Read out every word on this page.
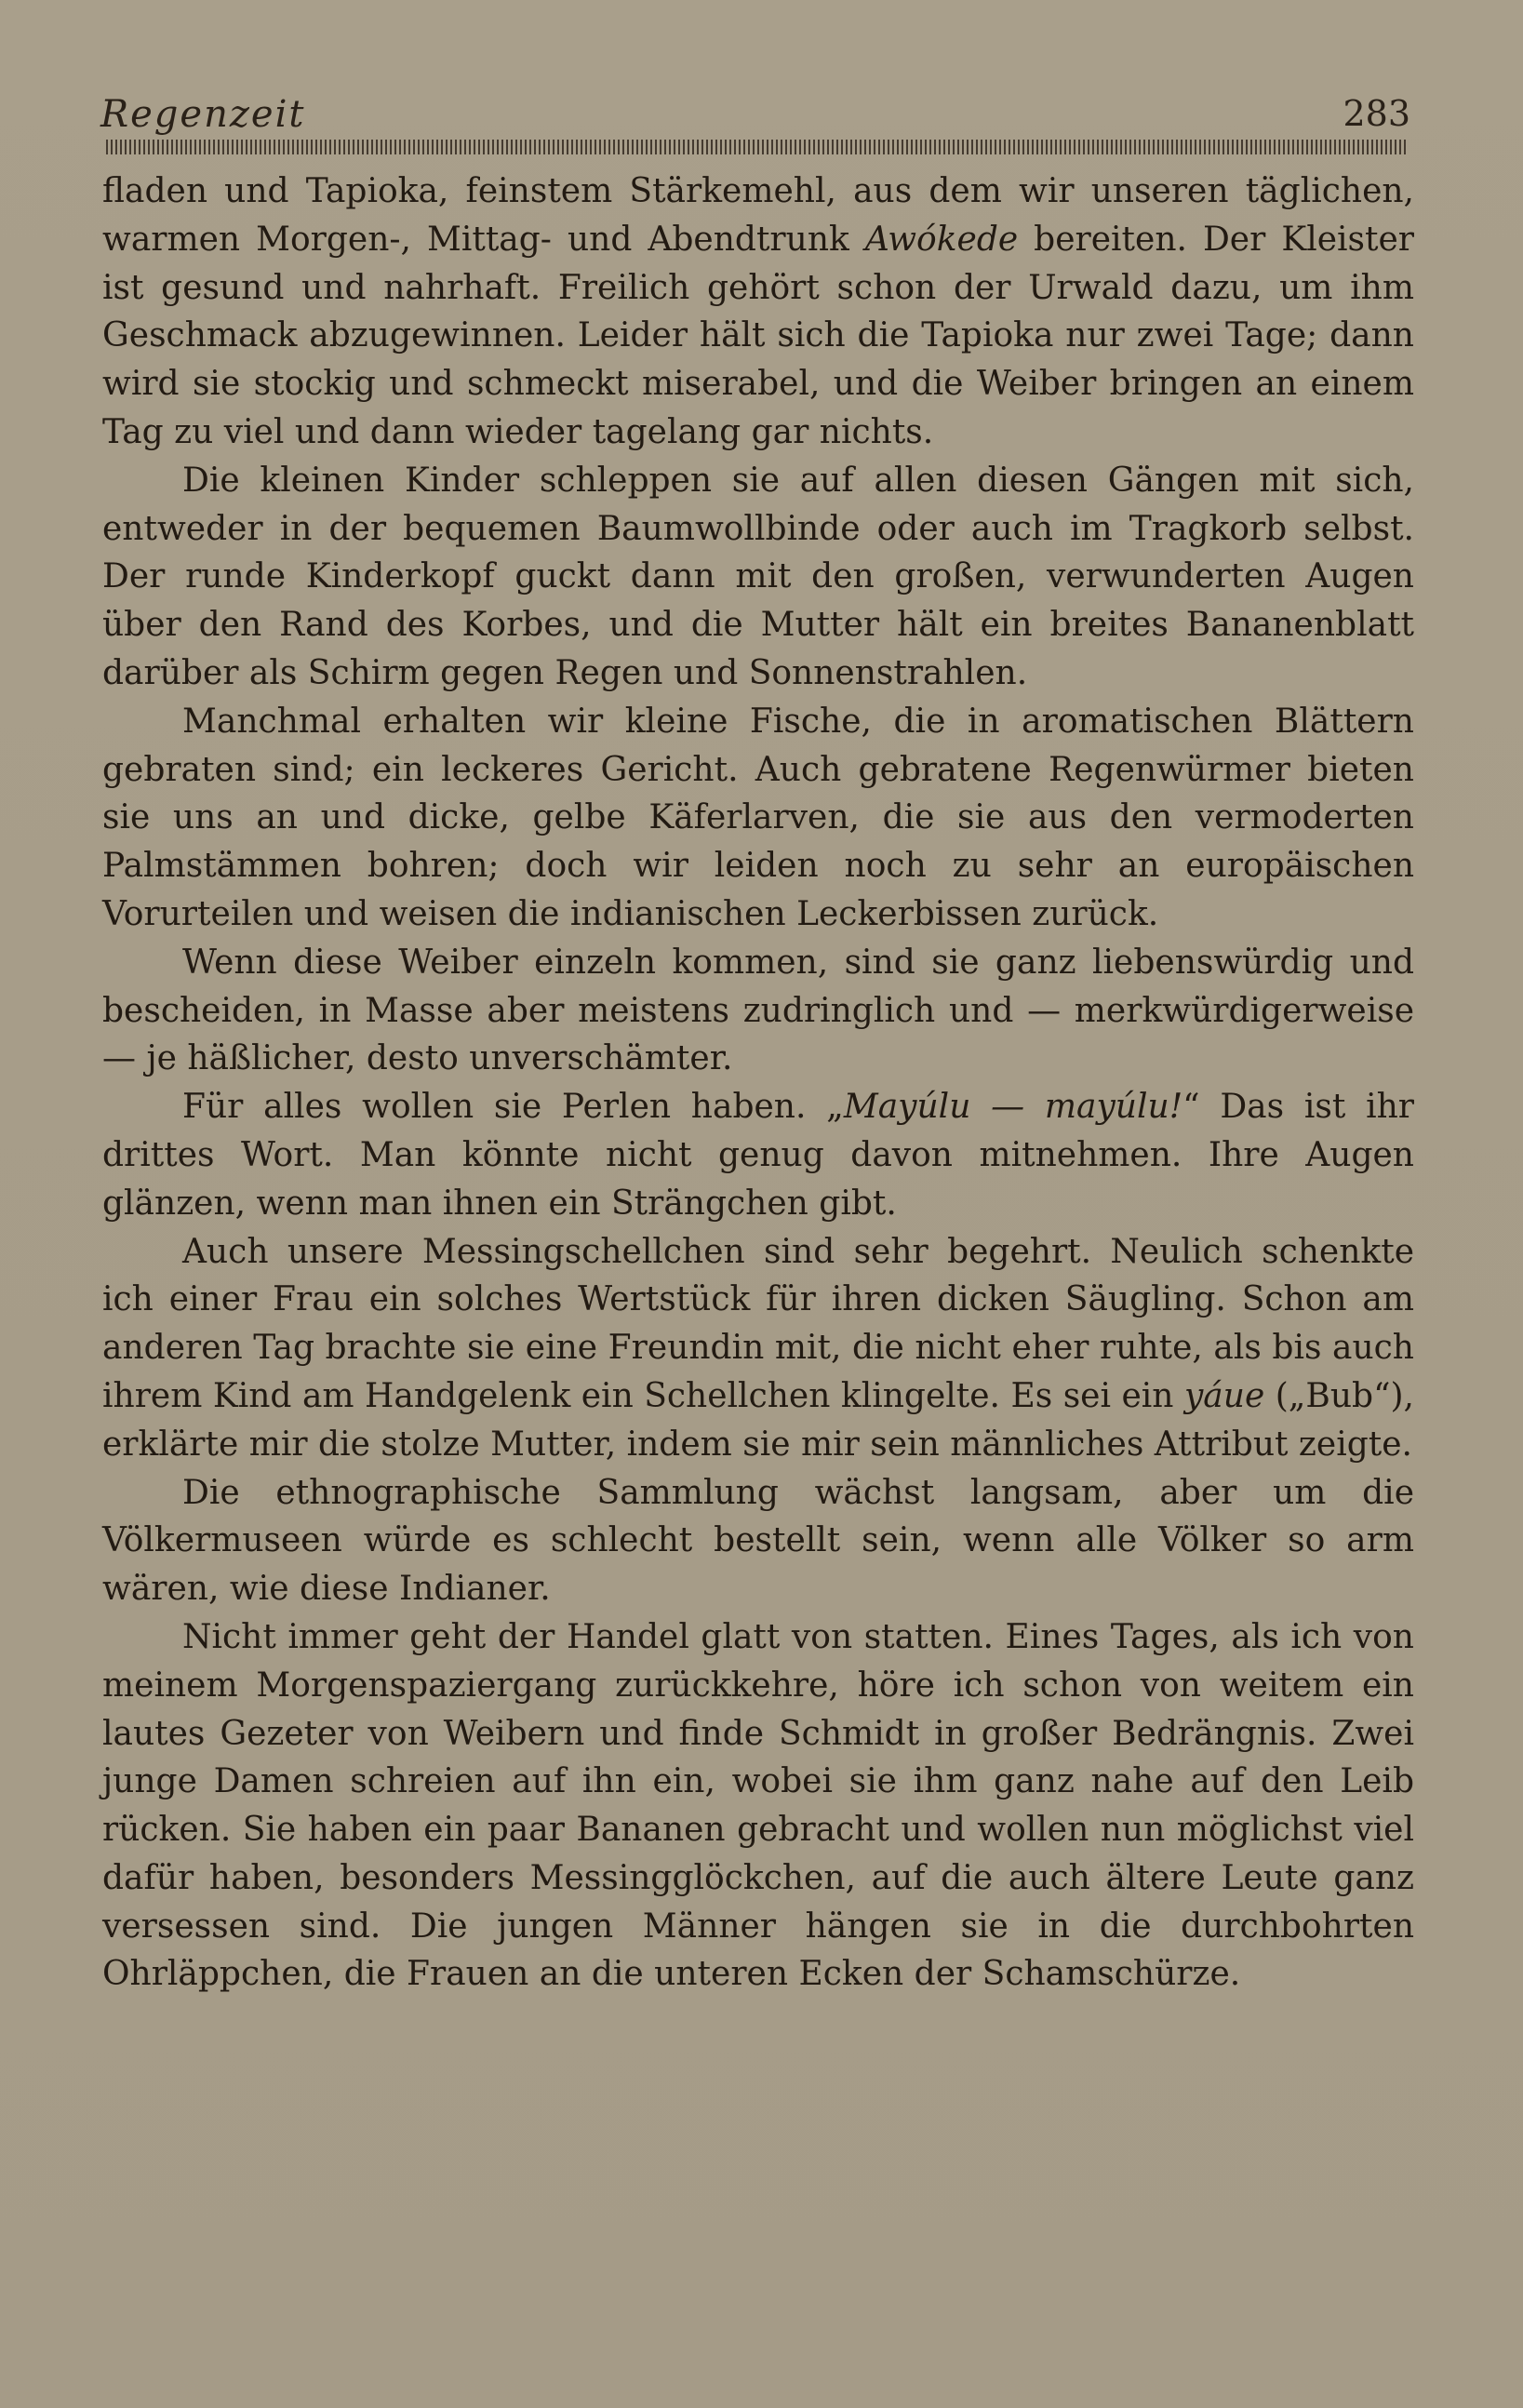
Regenzeit	283

fladen und Tapioka, feinstem Stärkemehl, aus dem wir unseren täglichen, warmen Morgen-, Mittag- und Abendtrunk Awókede bereiten. Der Kleister ist gesund und nahrhaft. Freilich gehört schon der Urwald dazu, um ihm Geschmack abzugewinnen. Leider hält sich die Tapioka nur zwei Tage; dann wird sie stockig und schmeckt miserabel, und die Weiber bringen an einem Tag zu viel und dann wieder tagelang gar nichts.

Die kleinen Kinder schleppen sie auf allen diesen Gängen mit sich, entweder in der bequemen Baumwollbinde oder auch im Tragkorb selbst. Der runde Kinderkopf guckt dann mit den großen, verwunderten Augen über den Rand des Korbes, und die Mutter hält ein breites Bananenblatt darüber als Schirm gegen Regen und Sonnenstrahlen.

Manchmal erhalten wir kleine Fische, die in aromatischen Blättern gebraten sind; ein leckeres Gericht. Auch gebratene Regenwürmer bieten sie uns an und dicke, gelbe Käferlarven, die sie aus den vermoderten Palmstämmen bohren; doch wir leiden noch zu sehr an europäischen Vorurteilen und weisen die indianischen Leckerbissen zurück.

Wenn diese Weiber einzeln kommen, sind sie ganz liebenswürdig und bescheiden, in Masse aber meistens zudringlich und — merkwürdigerweise — je häßlicher, desto unverschämter.

Für alles wollen sie Perlen haben. „Mayúlu — mayúlu!“ Das ist ihr drittes Wort. Man könnte nicht genug davon mitnehmen. Ihre Augen glänzen, wenn man ihnen ein Strängchen gibt.

Auch unsere Messingschellchen sind sehr begehrt. Neulich schenkte ich einer Frau ein solches Wertstück für ihren dicken Säugling. Schon am anderen Tag brachte sie eine Freundin mit, die nicht eher ruhte, als bis auch ihrem Kind am Handgelenk ein Schellchen klingelte. Es sei ein yáue („Bub“), erklärte mir die stolze Mutter, indem sie mir sein männliches Attribut zeigte.

Die ethnographische Sammlung wächst langsam, aber um die Völkermuseen würde es schlecht bestellt sein, wenn alle Völker so arm wären, wie diese Indianer.

Nicht immer geht der Handel glatt von statten. Eines Tages, als ich von meinem Morgenspaziergang zurückkehre, höre ich schon von weitem ein lautes Gezeter von Weibern und finde Schmidt in großer Bedrängnis. Zwei junge Damen schreien auf ihn ein, wobei sie ihm ganz nahe auf den Leib rücken. Sie haben ein paar Bananen gebracht und wollen nun möglichst viel dafür haben, besonders Messingglöckchen, auf die auch ältere Leute ganz versessen sind. Die jungen Männer hängen sie in die durchbohrten Ohrläppchen, die Frauen an die unteren Ecken der Schamschürze.
